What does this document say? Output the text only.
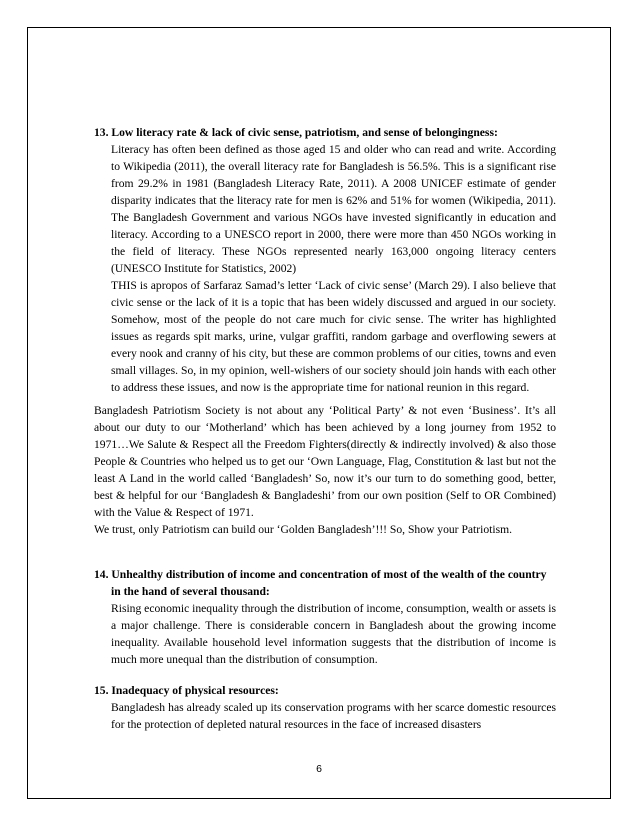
13. Low literacy rate & lack of civic sense, patriotism, and sense of belongingness:

Literacy has often been defined as those aged 15 and older who can read and write. According to Wikipedia (2011), the overall literacy rate for Bangladesh is 56.5%. This is a significant rise from 29.2% in 1981 (Bangladesh Literacy Rate, 2011). A 2008 UNICEF estimate of gender disparity indicates that the literacy rate for men is 62% and 51% for women (Wikipedia, 2011). The Bangladesh Government and various NGOs have invested significantly in education and literacy. According to a UNESCO report in 2000, there were more than 450 NGOs working in the field of literacy. These NGOs represented nearly 163,000 ongoing literacy centers (UNESCO Institute for Statistics, 2002)

THIS is apropos of Sarfaraz Samad’s letter ‘Lack of civic sense’ (March 29). I also believe that civic sense or the lack of it is a topic that has been widely discussed and argued in our society. Somehow, most of the people do not care much for civic sense. The writer has highlighted issues as regards spit marks, urine, vulgar graffiti, random garbage and overflowing sewers at every nook and cranny of his city, but these are common problems of our cities, towns and even small villages. So, in my opinion, well-wishers of our society should join hands with each other to address these issues, and now is the appropriate time for national reunion in this regard.

Bangladesh Patriotism Society is not about any ‘Political Party’ & not even ‘Business’. It’s all about our duty to our ‘Motherland’ which has been achieved by a long journey from 1952 to 1971…We Salute & Respect all the Freedom Fighters(directly & indirectly involved) & also those People & Countries who helped us to get our ‘Own Language, Flag, Constitution & last but not the least A Land in the world called ‘Bangladesh’ So, now it’s our turn to do something good, better, best & helpful for our ‘Bangladesh & Bangladeshi’ from our own position (Self to OR Combined) with the Value & Respect of 1971.

We trust, only Patriotism can build our ‘Golden Bangladesh’!!! So, Show your Patriotism.

14. Unhealthy distribution of income and concentration of most of the wealth of the country in the hand of several thousand:

Rising economic inequality through the distribution of income, consumption, wealth or assets is a major challenge. There is considerable concern in Bangladesh about the growing income inequality. Available household level information suggests that the distribution of income is much more unequal than the distribution of consumption.

15. Inadequacy of physical resources:

Bangladesh has already scaled up its conservation programs with her scarce domestic resources for the protection of depleted natural resources in the face of increased disasters

6
